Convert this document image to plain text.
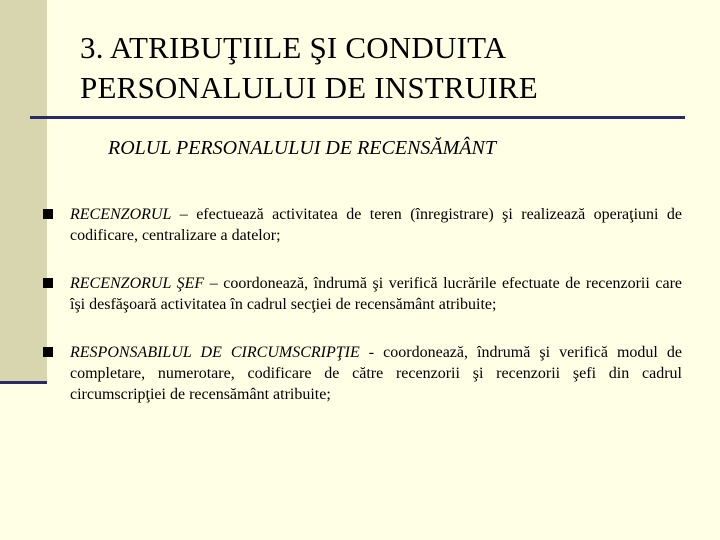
3. ATRIBUŢIILE ŞI CONDUITA
PERSONALULUI DE INSTRUIRE

ROLUL PERSONALULUI DE RECENSĂMÂNT

RECENZORUL – efectuează activitatea de teren (înregistrare) şi realizează operaţiuni de codificare, centralizare a datelor;
RECENZORUL ŞEF – coordonează, îndrumă şi verifică lucrările efectuate de recenzorii care îşi desfăşoară activitatea în cadrul secţiei de recensământ atribuite;
RESPONSABILUL DE CIRCUMSCRIPŢIE - coordonează, îndrumă şi verifică modul de completare, numerotare, codificare de către recenzorii şi recenzorii şefi din cadrul circumscripţiei de recensământ atribuite;
